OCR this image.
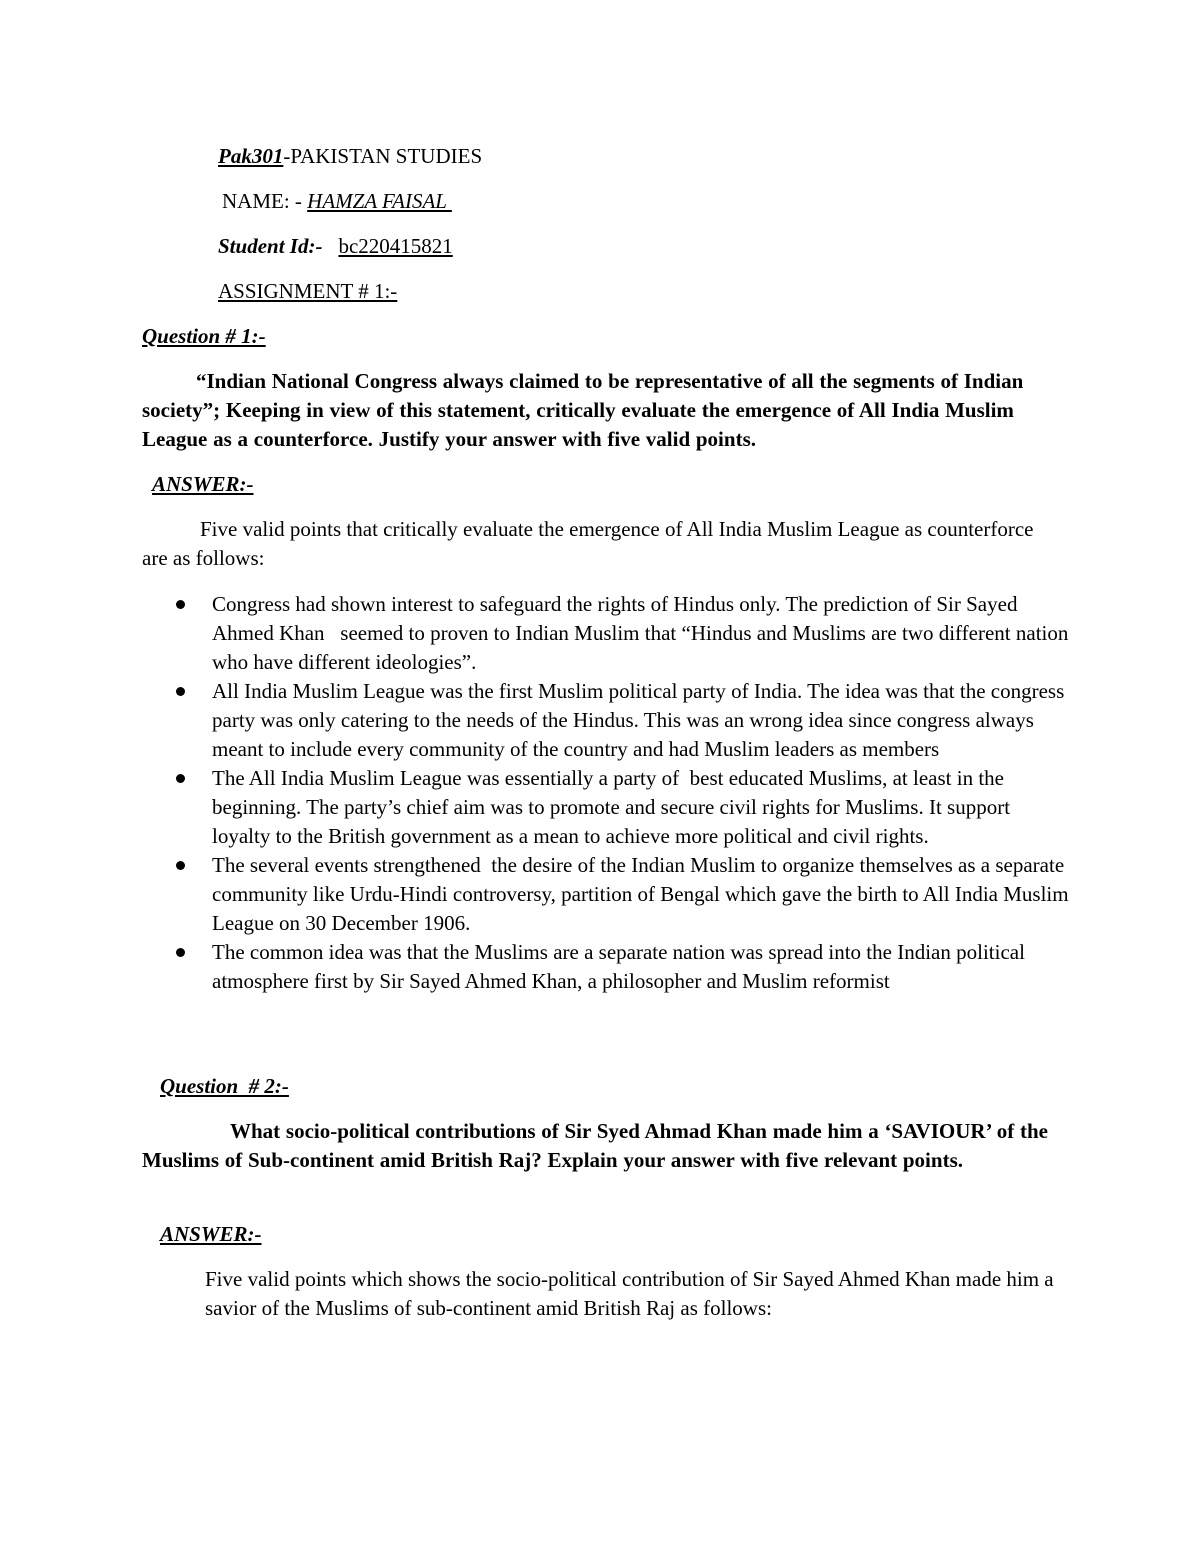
Pak301-PAKISTAN STUDIES
NAME: - HAMZA FAISAL
Student Id:- bc220415821
ASSIGNMENT # 1:-
Question # 1:-
“Indian National Congress always claimed to be representative of all the segments of Indian society”; Keeping in view of this statement, critically evaluate the emergence of All India Muslim League as a counterforce. Justify your answer with five valid points.
ANSWER:-
Five valid points that critically evaluate the emergence of All India Muslim League as counterforce are as follows:
Congress had shown interest to safeguard the rights of Hindus only. The prediction of Sir Sayed Ahmed Khan   seemed to proven to Indian Muslim that “Hindus and Muslims are two different nation who have different ideologies”.
All India Muslim League was the first Muslim political party of India. The idea was that the congress party was only catering to the needs of the Hindus. This was an wrong idea since congress always meant to include every community of the country and had Muslim leaders as members
The All India Muslim League was essentially a party of  best educated Muslims, at least in the beginning. The party’s chief aim was to promote and secure civil rights for Muslims. It support loyalty to the British government as a mean to achieve more political and civil rights.
The several events strengthened  the desire of the Indian Muslim to organize themselves as a separate community like Urdu-Hindi controversy, partition of Bengal which gave the birth to All India Muslim League on 30 December 1906.
The common idea was that the Muslims are a separate nation was spread into the Indian political atmosphere first by Sir Sayed Ahmed Khan, a philosopher and Muslim reformist
Question  # 2:-
What socio-political contributions of Sir Syed Ahmad Khan made him a ‘SAVIOUR’ of the Muslims of Sub-continent amid British Raj? Explain your answer with five relevant points.
ANSWER:-
Five valid points which shows the socio-political contribution of Sir Sayed Ahmed Khan made him a savior of the Muslims of sub-continent amid British Raj as follows:
